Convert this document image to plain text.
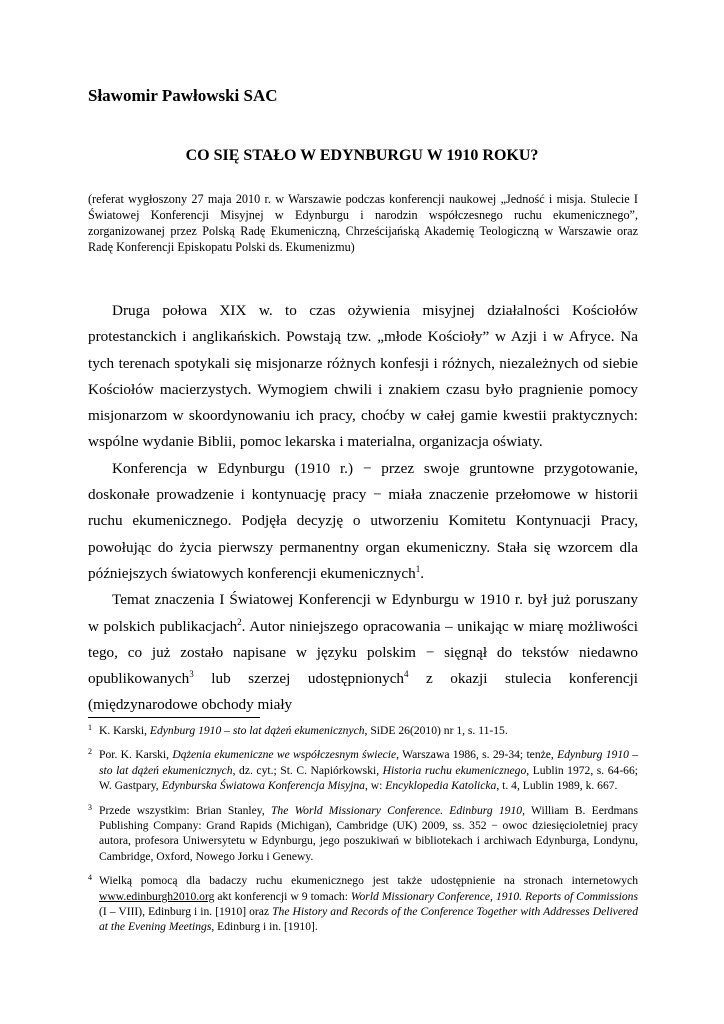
Sławomir Pawłowski SAC
CO SIĘ STAŁO W EDYNBURGU W 1910 ROKU?

(referat wygłoszony 27 maja 2010 r. w Warszawie podczas konferencji naukowej „Jedność i misja. Stulecie I Światowej Konferencji Misyjnej w Edynburgu i narodzin współczesnego ruchu ekumenicznego”, zorganizowanej przez Polską Radę Ekumeniczną, Chrześcijańską Akademię Teologiczną w Warszawie oraz Radę Konferencji Episkopatu Polski ds. Ekumenizmu)

Druga połowa XIX w. to czas ożywienia misyjnej działalności Kościołów protestanckich i anglikańskich. Powstają tzw. „młode Kościoły” w Azji i w Afryce. Na tych terenach spotykali się misjonarze różnych konfesji i różnych, niezależnych od siebie Kościołów macierzystych. Wymogiem chwili i znakiem czasu było pragnienie pomocy misjonarzom w skoordynowaniu ich pracy, choćby w całej gamie kwestii praktycznych: wspólne wydanie Biblii, pomoc lekarska i materialna, organizacja oświaty.

Konferencja w Edynburgu (1910 r.) − przez swoje gruntowne przygotowanie, doskonałe prowadzenie i kontynuację pracy − miała znaczenie przełomowe w historii ruchu ekumenicznego. Podjęła decyzję o utworzeniu Komitetu Kontynuacji Pracy, powołując do życia pierwszy permanentny organ ekumeniczny. Stała się wzorcem dla późniejszych światowych konferencji ekumenicznych$^1$.

Temat znaczenia I Światowej Konferencji w Edynburgu w 1910 r. był już poruszany w polskich publikacjach$^2$. Autor niniejszego opracowania – unikając w miarę możliwości tego, co już zostało napisane w języku polskim − sięgnął do tekstów niedawno opublikowanych$^3$ lub szerzej udostępnionych$^4$ z okazji stulecia konferencji (międzynarodowe obchody miały

1 K. Karski, Edynburg 1910 – sto lat dążeń ekumenicznych, SiDE 26(2010) nr 1, s. 11-15.

2 Por. K. Karski, Dążenia ekumeniczne we współczesnym świecie, Warszawa 1986, s. 29-34; tenże, Edynburg 1910 – sto lat dążeń ekumenicznych, dz. cyt.; St. C. Napiórkowski, Historia ruchu ekumenicznego, Lublin 1972, s. 64-66; W. Gastpary, Edynburska Światowa Konferencja Misyjna, w: Encyklopedia Katolicka, t. 4, Lublin 1989, k. 667.

3 Przede wszystkim: Brian Stanley, The World Missionary Conference. Edinburg 1910, William B. Eerdmans Publishing Company: Grand Rapids (Michigan), Cambridge (UK) 2009, ss. 352 − owoc dziesięcioletniej pracy autora, profesora Uniwersytetu w Edynburgu, jego poszukiwań w bibliotekach i archiwach Edynburga, Londynu, Cambridge, Oxford, Nowego Jorku i Genewy.

4 Wielką pomocą dla badaczy ruchu ekumenicznego jest także udostępnienie na stronach internetowych www.edinburgh2010.org akt konferencji w 9 tomach: World Missionary Conference, 1910. Reports of Commissions (I – VIII), Edinburg i in. [1910] oraz The History and Records of the Conference Together with Addresses Delivered at the Evening Meetings, Edinburg i in. [1910].
